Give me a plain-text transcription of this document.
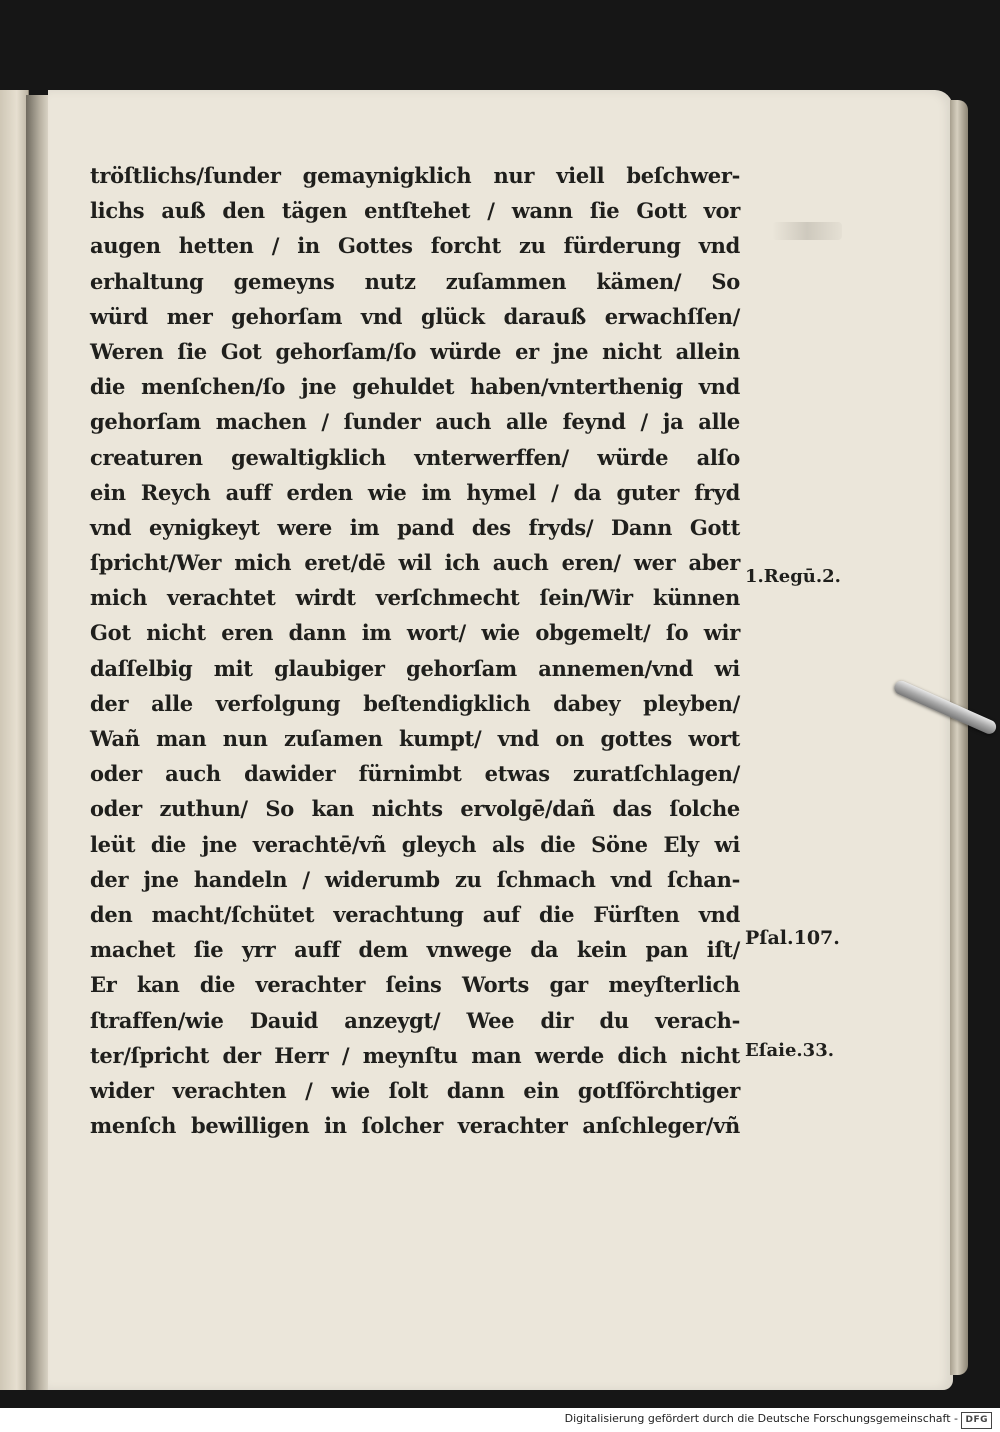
tröſtlichs/ſunder gemaynigklich nur viell beſchwer-
lichs auß den tägen entſtehet / wann ſie Gott vor
augen hetten / in Gottes forcht zu fürderung vnd
erhaltung gemeyns nutz zuſammen kämen/ So
würd mer gehorſam vnd glück darauß erwachſſen/
Weren ſie Got gehorſam/ſo würde er jne nicht allein
die menſchen/ſo jne gehuldet haben/vnterthenig vnd
gehorſam machen / ſunder auch alle feynd / ja alle
creaturen gewaltigklich vnterwerffen/ würde alſo
ein Reych auff erden wie im hymel / da guter fryd
vnd eynigkeyt were im pand des fryds/ Dann Gott
ſpricht/Wer mich eret/dē wil ich auch eren/ wer aber
mich verachtet wirdt verſchmecht ſein/Wir künnen
Got nicht eren dann im wort/ wie obgemelt/ ſo wir
daſſelbig mit glaubiger gehorſam annemen/vnd wi
der alle verfolgung beſtendigklich dabey pleyben/
Wañ man nun zuſamen kumpt/ vnd on gottes wort
oder auch dawider fürnimbt etwas zuratſchlagen/
oder zuthun/ So kan nichts ervolgē/dañ das ſolche
leüt die jne verachtē/vñ gleych als die Söne Ely wi
der jne handeln / widerumb zu ſchmach vnd ſchan-
den macht/ſchütet verachtung auf die Fürſten vnd
machet ſie yrr auff dem vnwege da kein pan iſt/
Er kan die verachter ſeins Worts gar meyſterlich
ſtraffen/wie Dauid anzeygt/ Wee dir du verach-
ter/ſpricht der Herr / meynſtu man werde dich nicht
wider verachten / wie ſolt dann ein gotſförchtiger
menſch bewilligen in ſolcher verachter anſchleger/vñ
1.Regū.2.
Pſal.107.
Eſaie.33.
Digitalisierung gefördert durch die Deutsche Forschungsgemeinschaft - DFG
